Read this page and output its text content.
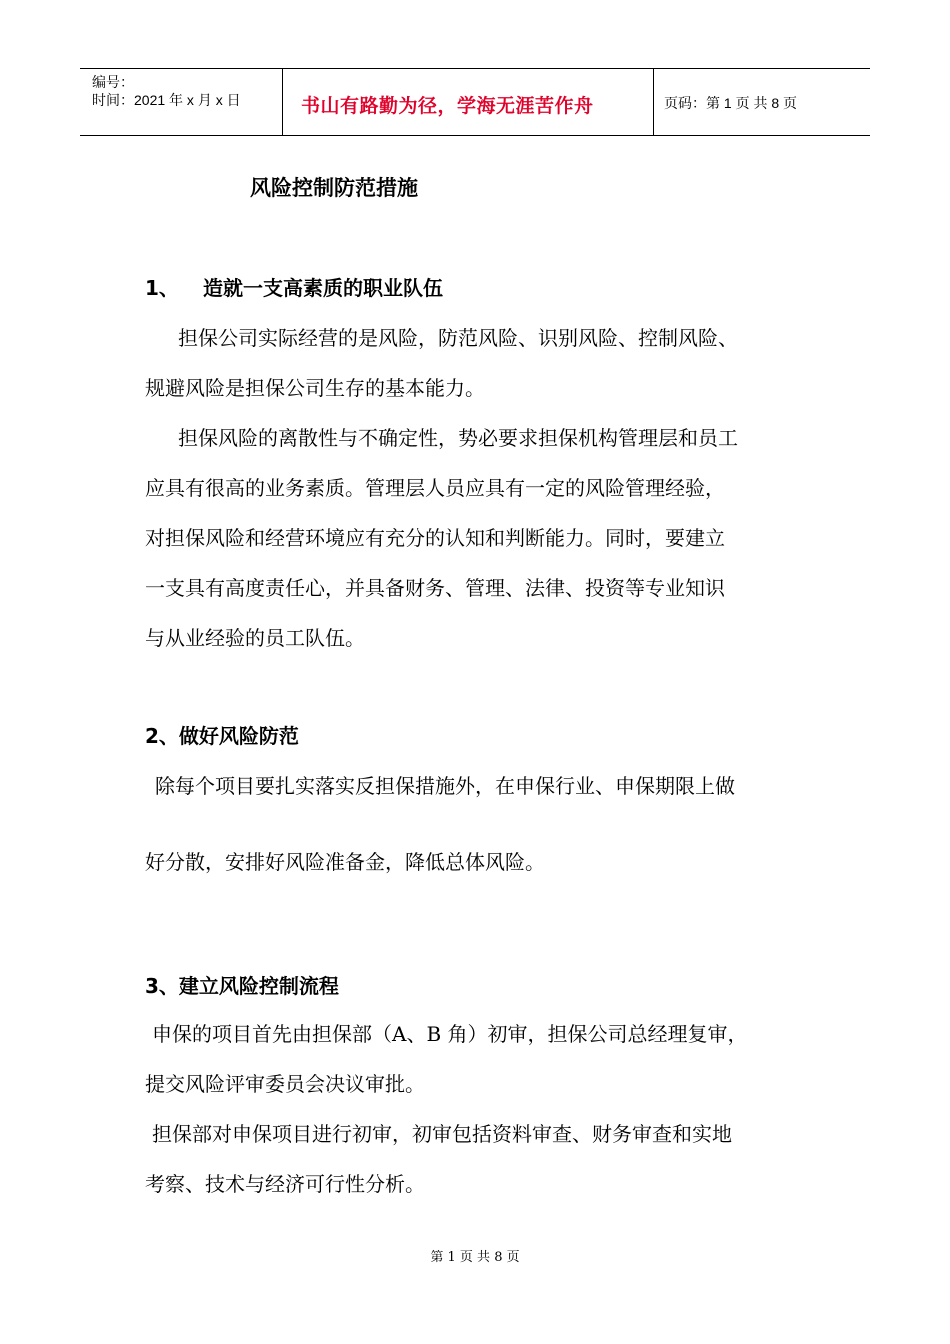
编号：
时间：2021 年 x 月 x 日	书山有路勤为径，学海无涯苦作舟	页码：第 1 页 共 8 页
风险控制防范措施
1、 造就一支高素质的职业队伍
担保公司实际经营的是风险，防范风险、识别风险、控制风险、
规避风险是担保公司生存的基本能力。
担保风险的离散性与不确定性，势必要求担保机构管理层和员工
应具有很高的业务素质。管理层人员应具有一定的风险管理经验，
对担保风险和经营环境应有充分的认知和判断能力。同时，要建立
一支具有高度责任心，并具备财务、管理、法律、投资等专业知识
与从业经验的员工队伍。
2、做好风险防范
除每个项目要扎实落实反担保措施外，在申保行业、申保期限上做
好分散，安排好风险准备金，降低总体风险。
3、建立风险控制流程
申保的项目首先由担保部（A、B 角）初审，担保公司总经理复审，
提交风险评审委员会决议审批。
担保部对申保项目进行初审，初审包括资料审查、财务审查和实地
考察、技术与经济可行性分析。
第 1 页 共 8 页
